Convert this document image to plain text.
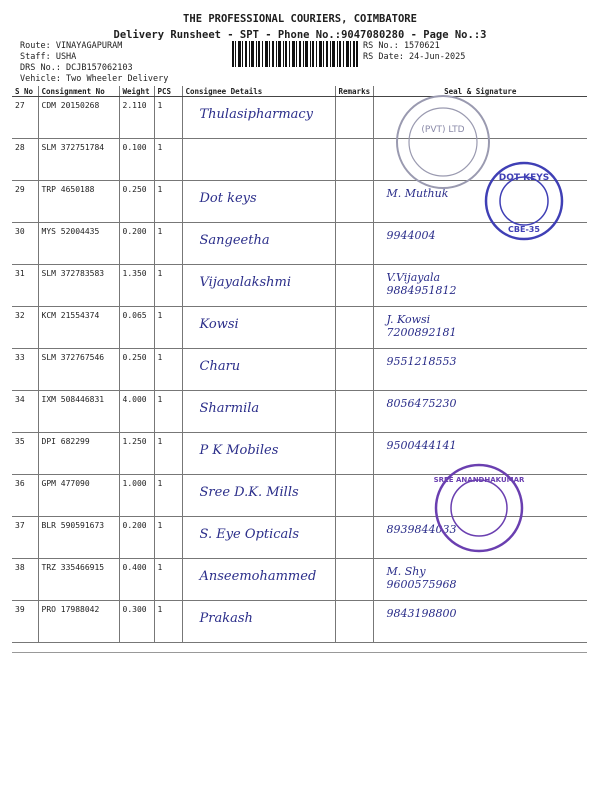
THE PROFESSIONAL COURIERS, COIMBATORE
Delivery Runsheet - SPT - Phone No.:9047080280 - Page No.:3
Route: VINAYAGAPURAM
Staff: USHA
DRS No.: DCJB157062103
Vehicle: Two Wheeler Delivery
RS No.: 1570621
RS Date: 24-Jun-2025
S No	Consignment No	Weight	PCS	Consignee Details	Remarks	Seal & Signature
27	CDM 20150268	2.110	1	Thulasipharmacy		

28	SLM 372751784	0.100	1	

29	TRP 4650188	0.250	1	Dot keys		M. Muthuk

30	MYS 52004435	0.200	1	Sangeetha		9944004

31	SLM 372783583	1.350	1	Vijayalakshmi		V.Vijayala
9884951812

32	KCM 21554374	0.065	1	Kowsi		J. Kowsi
7200892181

33	SLM 372767546	0.250	1	Charu		9551218553

34	IXM 508446831	4.000	1	Sharmila		8056475230

35	DPI 682299	1.250	1	P K Mobiles		9500444141

36	GPM 477090	1.000	1	Sree D.K. Mills		

37	BLR 590591673	0.200	1	S. Eye Opticals		8939844033

38	TRZ 335466915	0.400	1	Anseemohammed		M. Shy
9600575968

39	PRO 17988042	0.300	1	Prakash		9843198800
(PVT) LTD
DOT KEYS
CBE-35
SREE ANANDHAKUMAR
